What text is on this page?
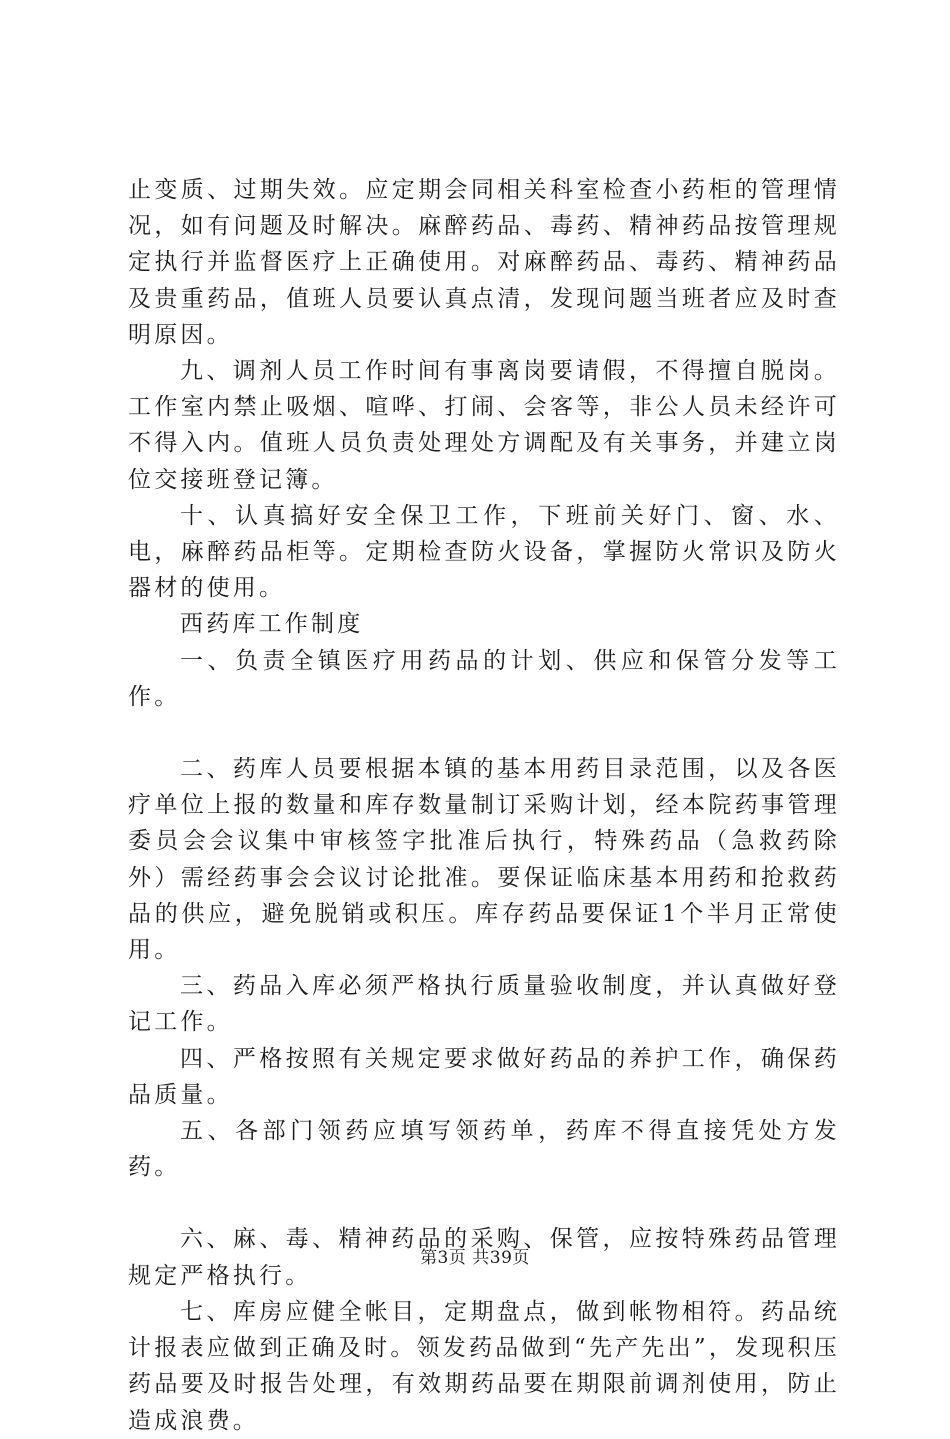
止变质、过期失效。应定期会同相关科室检查小药柜的管理情况，如有问题及时解决。麻醉药品、毒药、精神药品按管理规定执行并监督医疗上正确使用。对麻醉药品、毒药、精神药品及贵重药品，值班人员要认真点清，发现问题当班者应及时查明原因。

九、调剂人员工作时间有事离岗要请假，不得擅自脱岗。工作室内禁止吸烟、喧哗、打闹、会客等，非公人员未经许可不得入内。值班人员负责处理处方调配及有关事务，并建立岗位交接班登记簿。

十、认真搞好安全保卫工作，下班前关好门、窗、水、电，麻醉药品柜等。定期检查防火设备，掌握防火常识及防火器材的使用。

西药库工作制度

一、负责全镇医疗用药品的计划、供应和保管分发等工作。

二、药库人员要根据本镇的基本用药目录范围，以及各医疗单位上报的数量和库存数量制订采购计划，经本院药事管理委员会会议集中审核签字批准后执行，特殊药品（急救药除外）需经药事会会议讨论批准。要保证临床基本用药和抢救药品的供应，避免脱销或积压。库存药品要保证1个半月正常使用。

三、药品入库必须严格执行质量验收制度，并认真做好登记工作。

四、严格按照有关规定要求做好药品的养护工作，确保药品质量。

五、各部门领药应填写领药单，药库不得直接凭处方发药。

六、麻、毒、精神药品的采购、保管，应按特殊药品管理规定严格执行。

七、库房应健全帐目，定期盘点，做到帐物相符。药品统计报表应做到正确及时。领发药品做到“先产先出”，发现积压药品要及时报告处理，有效期药品要在期限前调剂使用，防止造成浪费。

第3页 共39页
